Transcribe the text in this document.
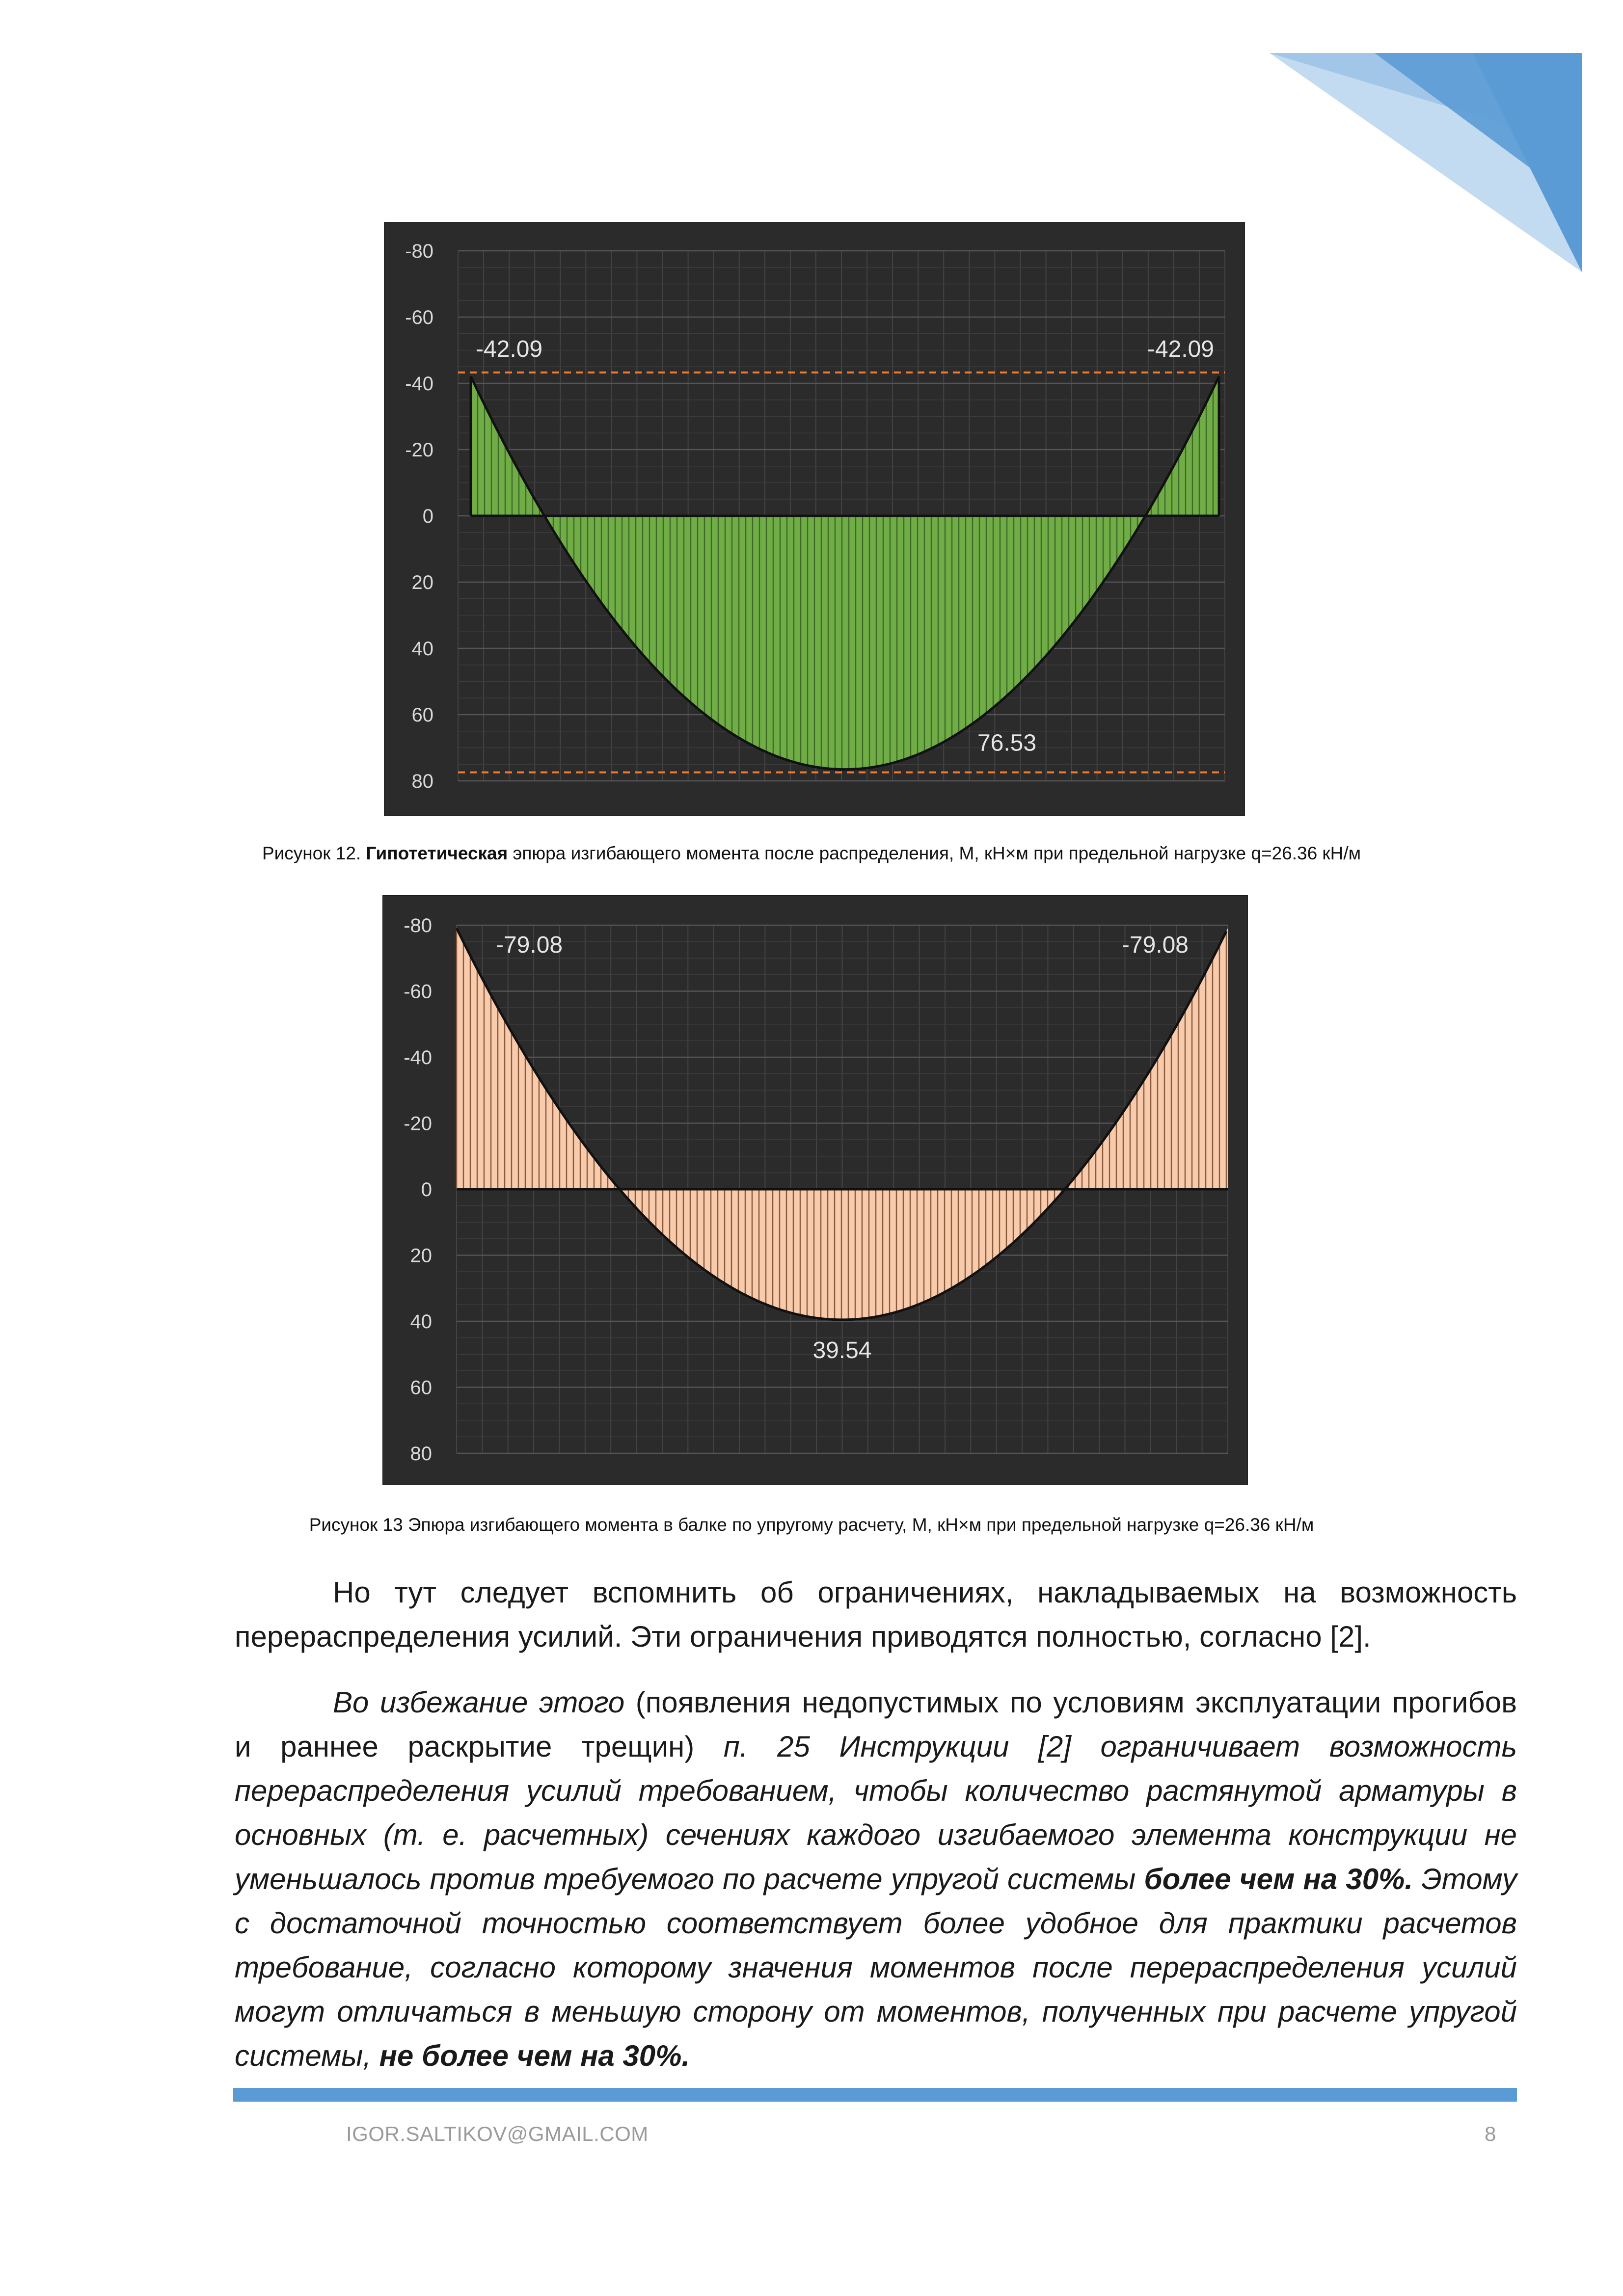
-80
-60
-40
-20
0
20
40
60
80
-42.09	-42.09
76.53
Рисунок 12. Гипотетическая эпюра изгибающего момента после распределения, М, кН×м при предельной нагрузке q=26.36 кН/м
-80
-60
-40
-20
0
20
40
60
80
-79.08	-79.08
39.54
Рисунок 13 Эпюра изгибающего момента в балке по упругому расчету, М, кН×м при предельной нагрузке q=26.36 кН/м
Но тут следует вспомнить об ограничениях, накладываемых на возможность перераспределения усилий. Эти ограничения приводятся полностью, согласно [2].
Во избежание этого (появления недопустимых по условиям эксплуатации прогибов и раннее раскрытие трещин) п. 25 Инструкции [2] ограничивает возможность перераспределения усилий требованием, чтобы количество растянутой арматуры в основных (т. е. расчетных) сечениях каждого изгибаемого элемента конструкции не уменьшалось против требуемого по расчете упругой системы более чем на 30%. Этому с достаточной точностью соответствует более удобное для практики расчетов требование, согласно которому значения моментов после перераспределения усилий могут отличаться в меньшую сторону от моментов, полученных при расчете упругой системы, не более чем на 30%.
IGOR.SALTIKOV@GMAIL.COM	8
